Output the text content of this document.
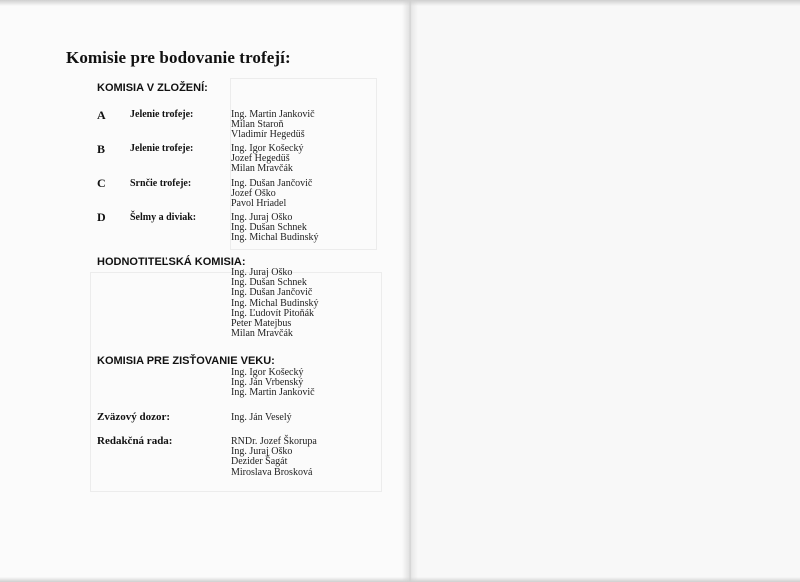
Komisie pre bodovanie trofejí:
KOMISIA V ZLOŽENÍ:
A Jelenie trofeje:	Ing. Martin Jankovič
Milan Staroň
Vladimír Hegedüš
B Jelenie trofeje:	Ing. Igor Košecký
Jozef Hegedüš
Milan Mravčák
C Srnčie trofeje:	Ing. Dušan Jančovič
Jozef Oško
Pavol Hriadel
D Šelmy a diviak:	Ing. Juraj Oško
Ing. Dušan Schnek
Ing. Michal Budinský
HODNOTITEĽSKÁ KOMISIA:
Ing. Juraj Oško
Ing. Dušan Schnek
Ing. Dušan Jančovič
Ing. Michal Budinský
Ing. Ľudovít Pitoňák
Peter Matejbus
Milan Mravčák
KOMISIA PRE ZISŤOVANIE VEKU:
Ing. Igor Košecký
Ing. Ján Vrbenský
Ing. Martin Jankovič
Zväzový dozor:	Ing. Ján Veselý
Redakčná rada:	RNDr. Jozef Škorupa
Ing. Juraj Oško
Dezider Šagát
Miroslava Brosková
